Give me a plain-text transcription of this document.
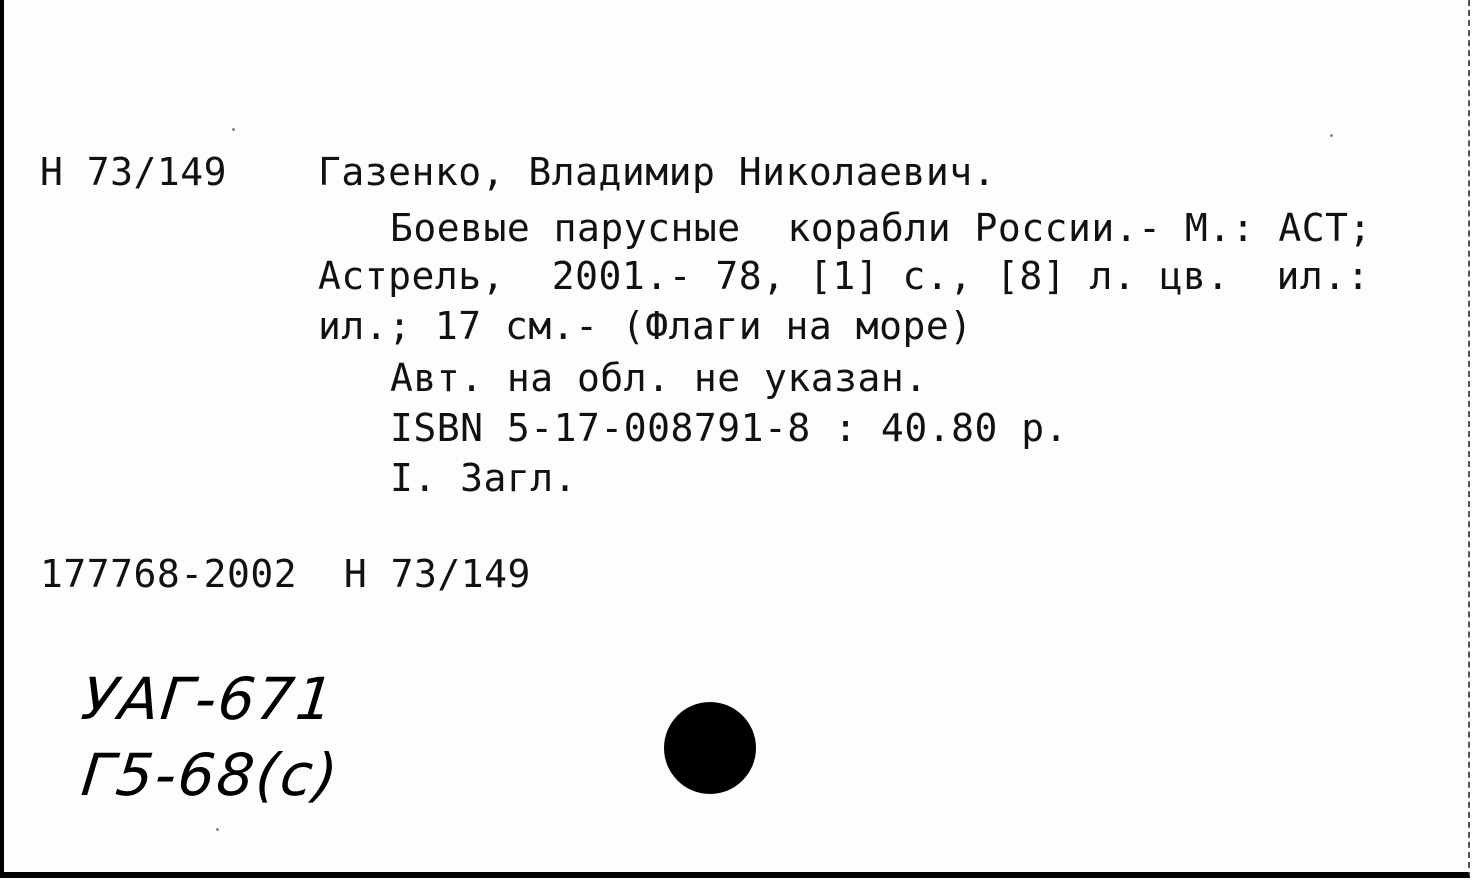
Н 73/149 Газенко, Владимир Николаевич.
Боевые парусные  корабли России.- М.: АСТ;
Астрель,  2001.- 78, [1] с., [8] л. цв.  ил.:
ил.; 17 см.- (Флаги на море)
Авт. на обл. не указан.
ISBN 5-17-008791-8 : 40.80 р.
I. Загл.
177768-2002  Н 73/149
УАГ-671
Г5-68(с)
